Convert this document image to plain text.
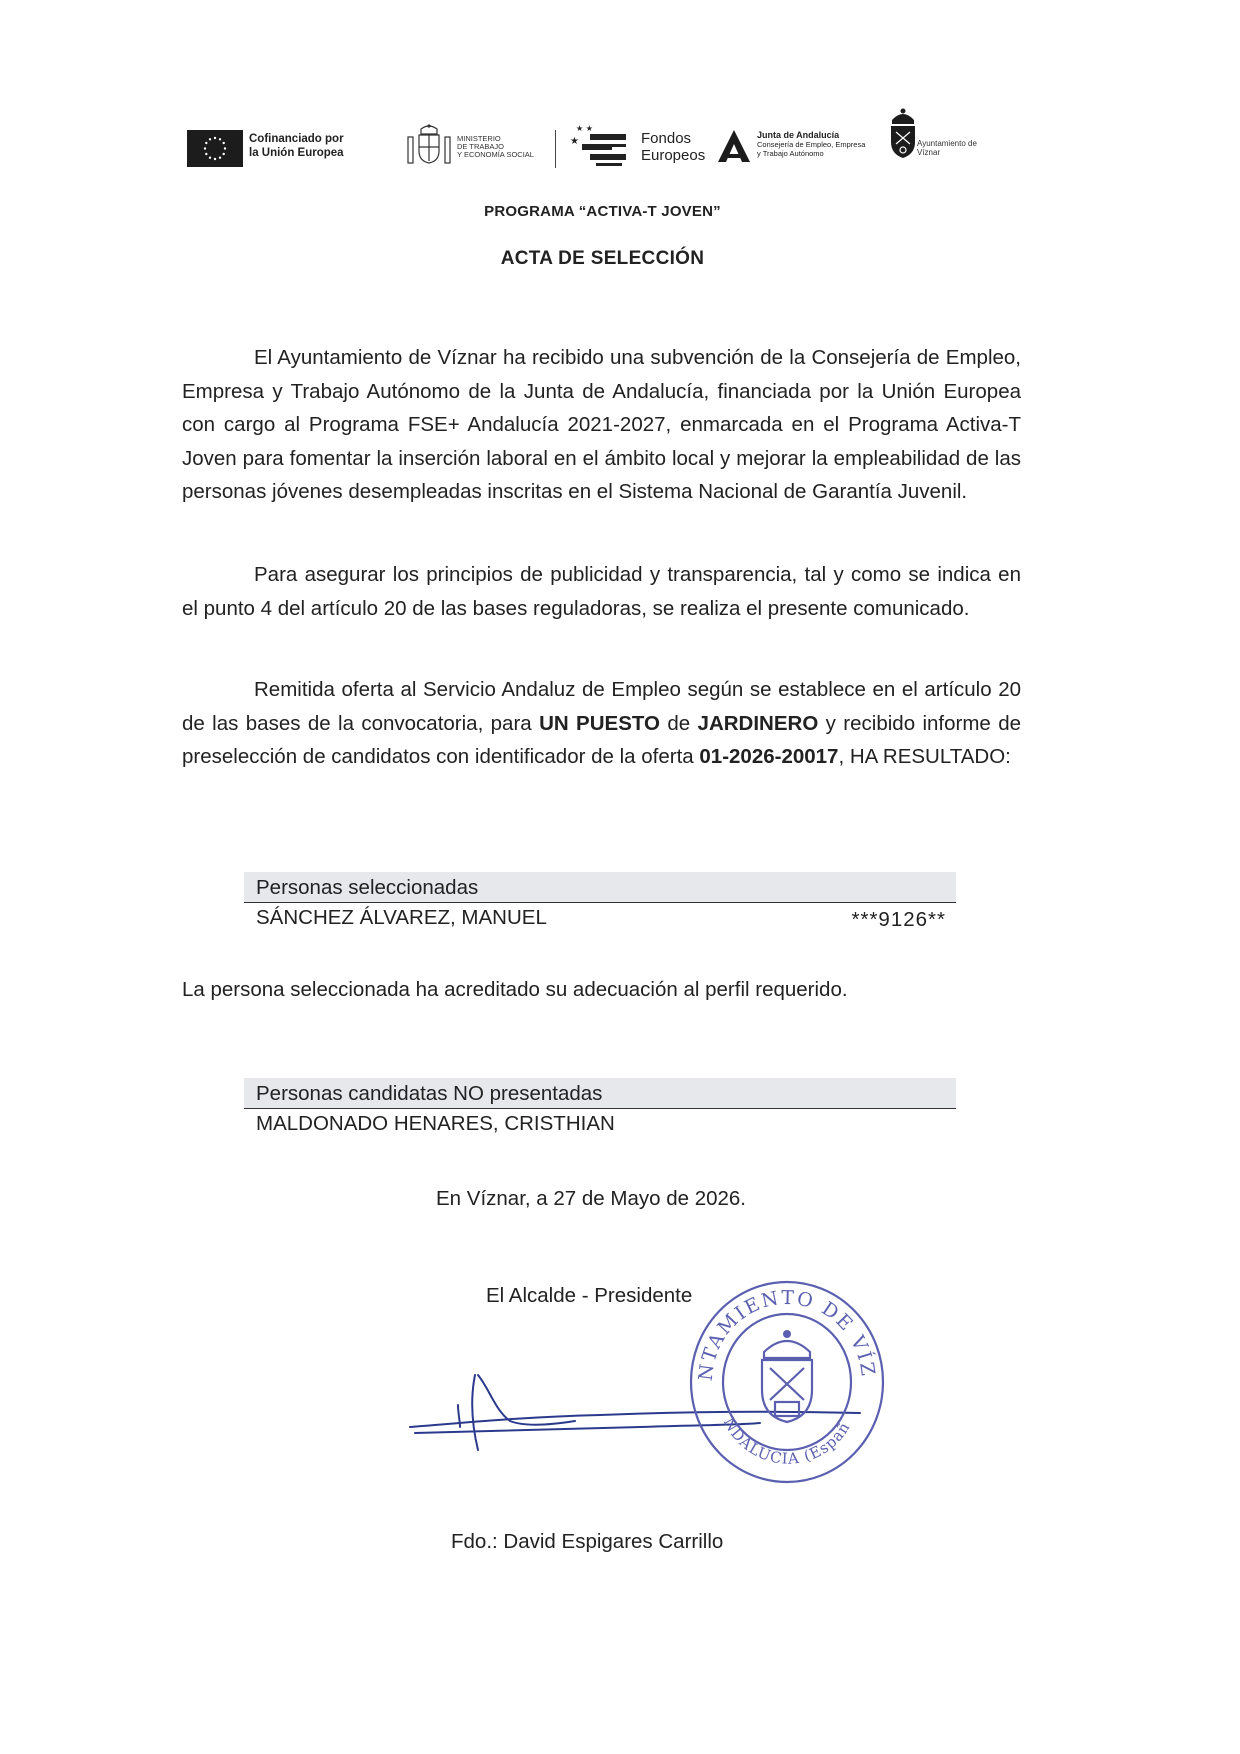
Cofinanciado por
la Unión Europea
MINISTERIO
DE TRABAJO
Y ECONOMÍA SOCIAL
★ ★
★	Fondos
Europeos
Junta de Andalucía
Consejería de Empleo, Empresa
y Trabajo Autónomo
Ayuntamiento de
Víznar
PROGRAMA “ACTIVA-T JOVEN”
ACTA DE SELECCIÓN

El Ayuntamiento de Víznar ha recibido una subvención de la Consejería de Empleo, Empresa y Trabajo Autónomo de la Junta de Andalucía, financiada por la Unión Europea con cargo al Programa FSE+ Andalucía 2021-2027, enmarcada en el Programa Activa-T Joven para fomentar la inserción laboral en el ámbito local y mejorar la empleabilidad de las personas jóvenes desempleadas inscritas en el Sistema Nacional de Garantía Juvenil.

Para asegurar los principios de publicidad y transparencia, tal y como se indica en el punto 4 del artículo 20 de las bases reguladoras, se realiza el presente comunicado.

Remitida oferta al Servicio Andaluz de Empleo según se establece en el artículo 20 de las bases de la convocatoria, para UN PUESTO de JARDINERO y recibido informe de preselección de candidatos con identificador de la oferta 01-2026-20017, HA RESULTADO:

Personas seleccionadas
SÁNCHEZ ÁLVAREZ, MANUEL	***9126**
La persona seleccionada ha acreditado su adecuación al perfil requerido.
Personas candidatas NO presentadas
MALDONADO HENARES, CRISTHIAN
En Víznar, a 27 de Mayo de 2026.
El Alcalde - Presidente
NTAMIENTO DE VÍZ
NDALUCIA (Españ
Fdo.: David Espigares Carrillo
